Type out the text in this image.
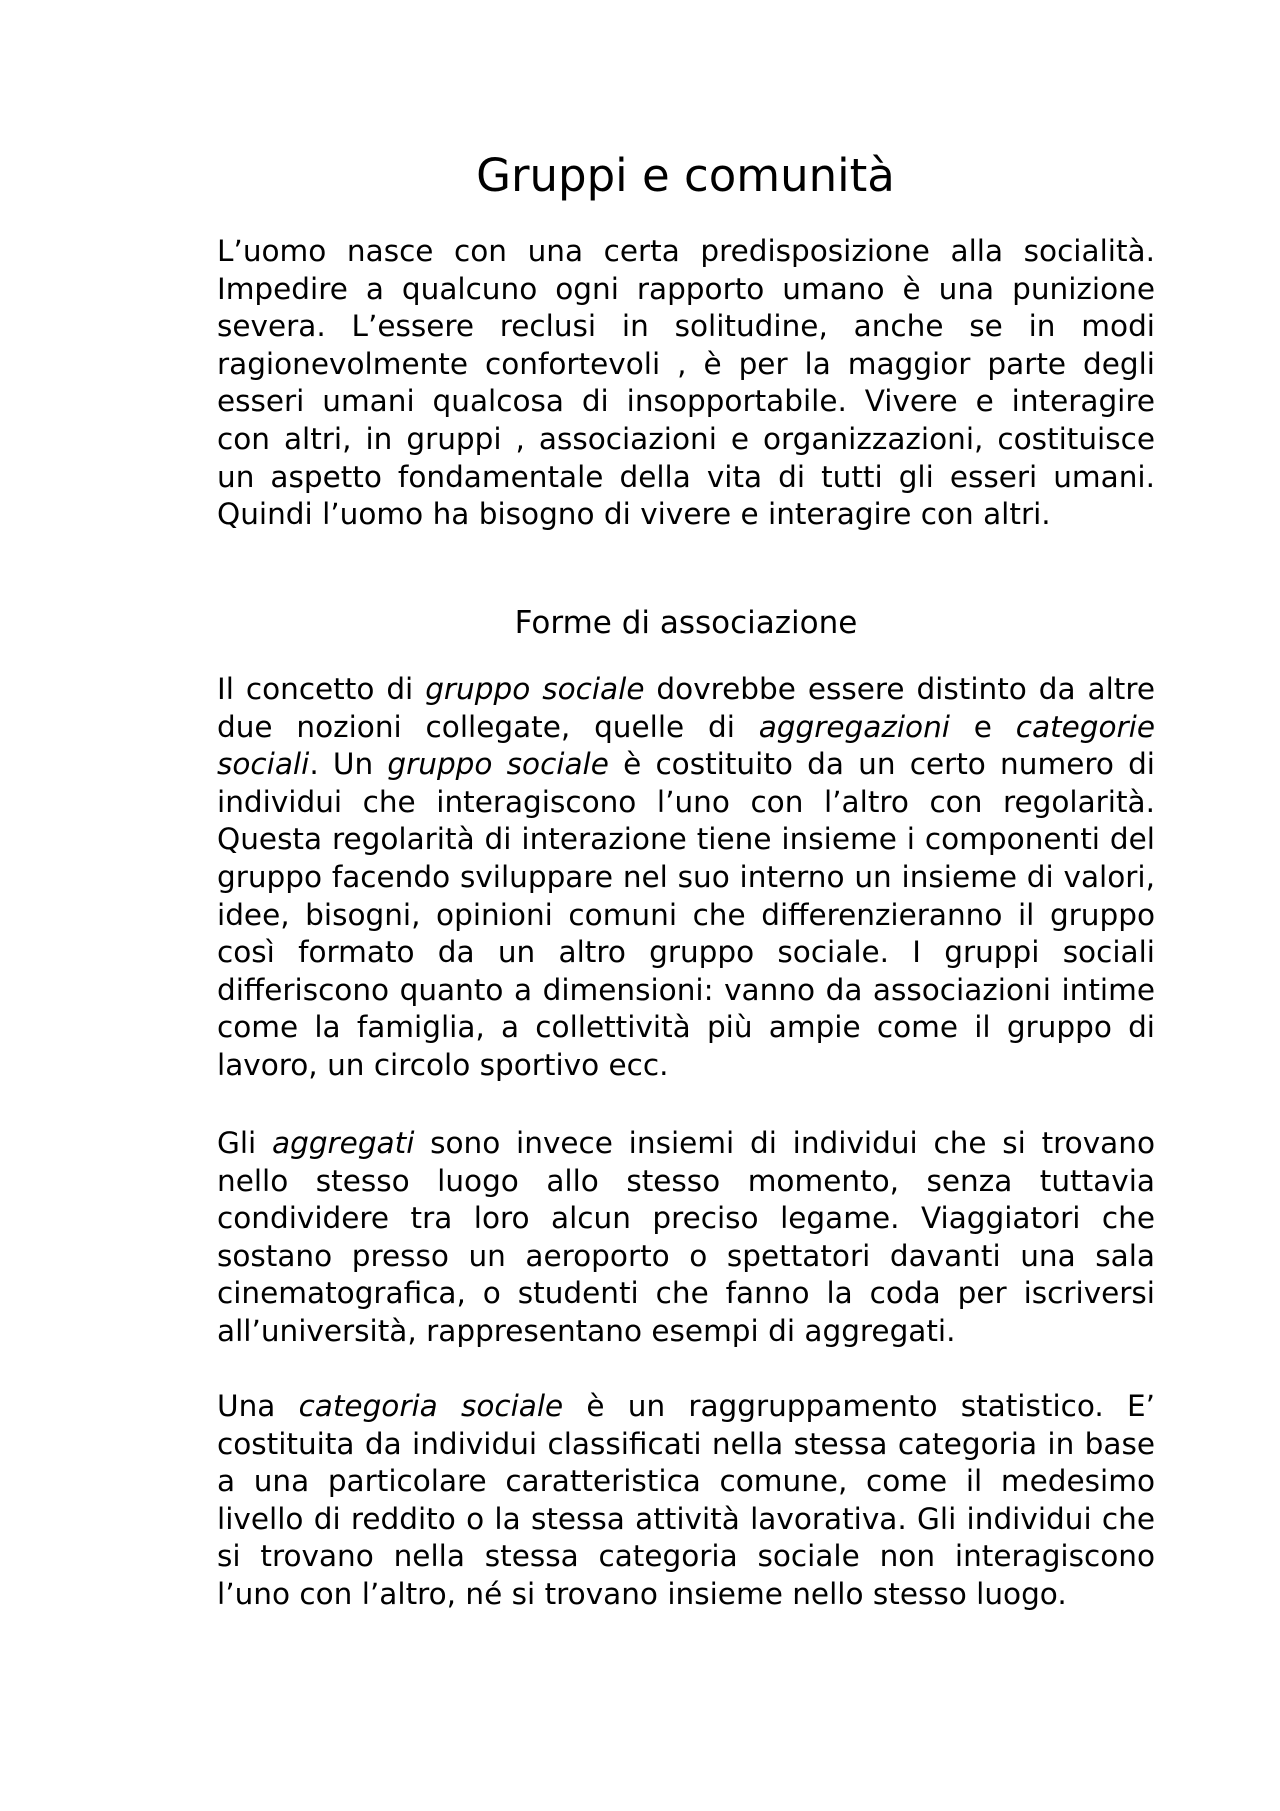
Gruppi e comunità

L’uomo nasce con una certa predisposizione alla socialità. Impedire a qualcuno ogni rapporto umano è una punizione severa. L’essere reclusi in solitudine, anche se in modi ragionevolmente confortevoli , è per la maggior parte degli esseri umani qualcosa di insopportabile. Vivere e interagire con altri, in gruppi , associazioni e organizzazioni, costituisce un aspetto fondamentale della vita di tutti gli esseri umani. Quindi l’uomo ha bisogno di vivere e interagire con altri.

Forme di associazione

Il concetto di gruppo sociale dovrebbe essere distinto da altre due nozioni collegate, quelle di aggregazioni e categorie sociali. Un gruppo sociale è costituito da un certo numero di individui che interagiscono l’uno con l’altro con regolarità. Questa regolarità di interazione tiene insieme i componenti del gruppo facendo sviluppare nel suo interno un insieme di valori, idee, bisogni, opinioni comuni che differenzieranno il gruppo così formato da un altro gruppo sociale. I gruppi sociali differiscono quanto a dimensioni: vanno da associazioni intime come la famiglia, a collettività più ampie come il gruppo di lavoro, un circolo sportivo ecc.

Gli aggregati sono invece insiemi di individui che si trovano nello stesso luogo allo stesso momento, senza tuttavia condividere tra loro alcun preciso legame. Viaggiatori che sostano presso un aeroporto o spettatori davanti una sala cinematografica, o studenti che fanno la coda per iscriversi all’università, rappresentano esempi di aggregati.

Una categoria sociale è un raggruppamento statistico. E’ costituita da individui classificati nella stessa categoria in base a una particolare caratteristica comune, come il medesimo livello di reddito o la stessa attività lavorativa. Gli individui che si trovano nella stessa categoria sociale non interagiscono l’uno con l’altro, né si trovano insieme nello stesso luogo.
